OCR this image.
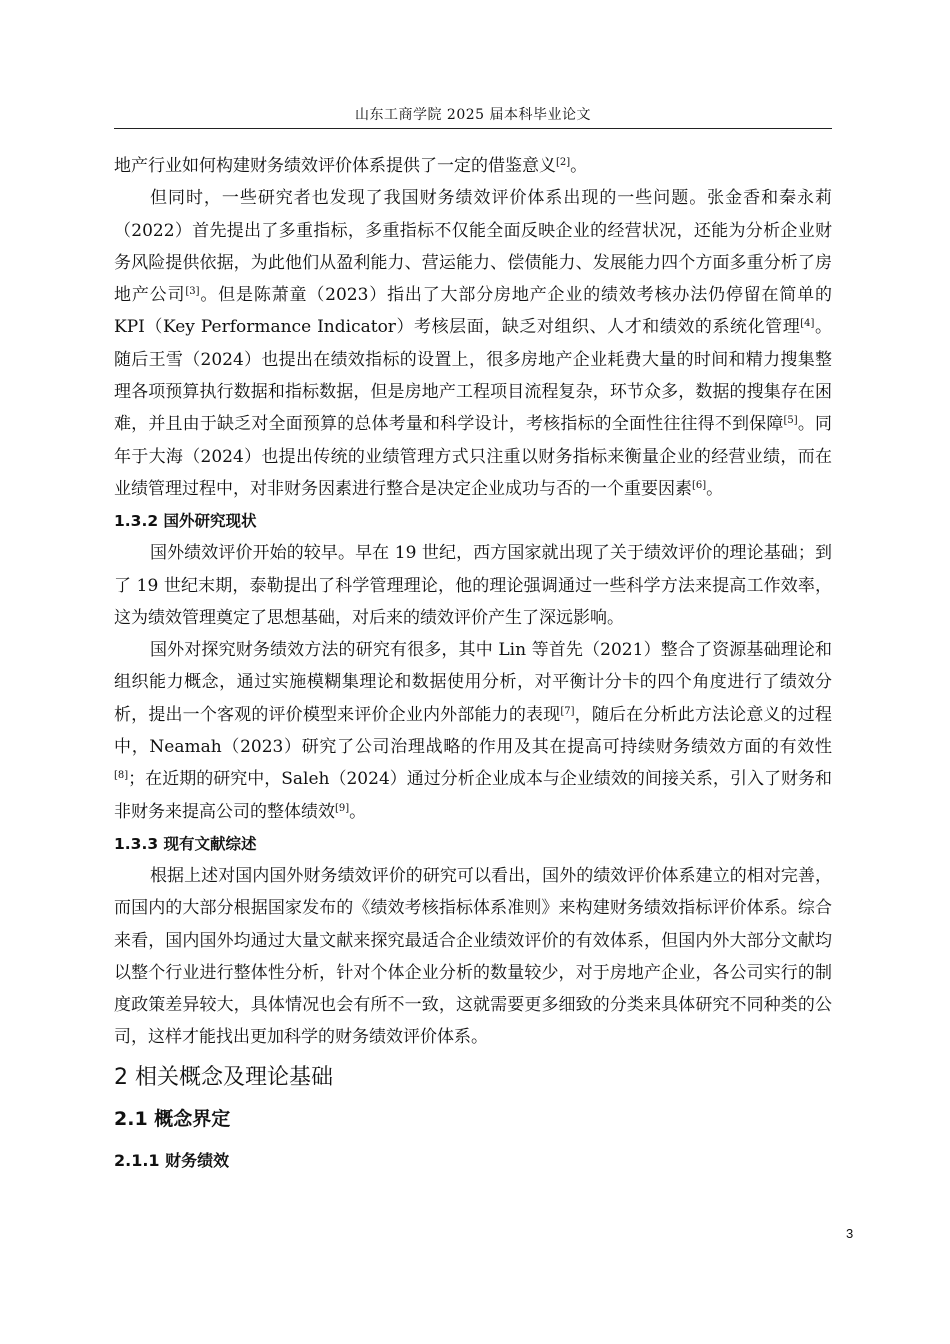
山东工商学院 2025 届本科毕业论文

地产行业如何构建财务绩效评价体系提供了一定的借鉴意义[2]。

但同时，一些研究者也发现了我国财务绩效评价体系出现的一些问题。张金香和秦永莉（2022）首先提出了多重指标，多重指标不仅能全面反映企业的经营状况，还能为分析企业财务风险提供依据，为此他们从盈利能力、营运能力、偿债能力、发展能力四个方面多重分析了房地产公司[3]。但是陈萧童（2023）指出了大部分房地产企业的绩效考核办法仍停留在简单的 KPI（Key Performance Indicator）考核层面，缺乏对组织、人才和绩效的系统化管理[4]。随后王雪（2024）也提出在绩效指标的设置上，很多房地产企业耗费大量的时间和精力搜集整理各项预算执行数据和指标数据，但是房地产工程项目流程复杂，环节众多，数据的搜集存在困难，并且由于缺乏对全面预算的总体考量和科学设计，考核指标的全面性往往得不到保障[5]。同年于大海（2024）也提出传统的业绩管理方式只注重以财务指标来衡量企业的经营业绩，而在业绩管理过程中，对非财务因素进行整合是决定企业成功与否的一个重要因素[6]。

1.3.2 国外研究现状

国外绩效评价开始的较早。早在 19 世纪，西方国家就出现了关于绩效评价的理论基础；到了 19 世纪末期，泰勒提出了科学管理理论，他的理论强调通过一些科学方法来提高工作效率，这为绩效管理奠定了思想基础，对后来的绩效评价产生了深远影响。

国外对探究财务绩效方法的研究有很多，其中 Lin 等首先（2021）整合了资源基础理论和组织能力概念，通过实施模糊集理论和数据使用分析，对平衡计分卡的四个角度进行了绩效分析，提出一个客观的评价模型来评价企业内外部能力的表现[7]，随后在分析此方法论意义的过程中，Neamah（2023）研究了公司治理战略的作用及其在提高可持续财务绩效方面的有效性[8]；在近期的研究中，Saleh（2024）通过分析企业成本与企业绩效的间接关系，引入了财务和非财务来提高公司的整体绩效[9]。

1.3.3 现有文献综述

根据上述对国内国外财务绩效评价的研究可以看出，国外的绩效评价体系建立的相对完善，而国内的大部分根据国家发布的《绩效考核指标体系准则》来构建财务绩效指标评价体系。综合来看，国内国外均通过大量文献来探究最适合企业绩效评价的有效体系，但国内外大部分文献均以整个行业进行整体性分析，针对个体企业分析的数量较少，对于房地产企业，各公司实行的制度政策差异较大，具体情况也会有所不一致，这就需要更多细致的分类来具体研究不同种类的公司，这样才能找出更加科学的财务绩效评价体系。

2 相关概念及理论基础
2.1 概念界定
2.1.1 财务绩效
3
